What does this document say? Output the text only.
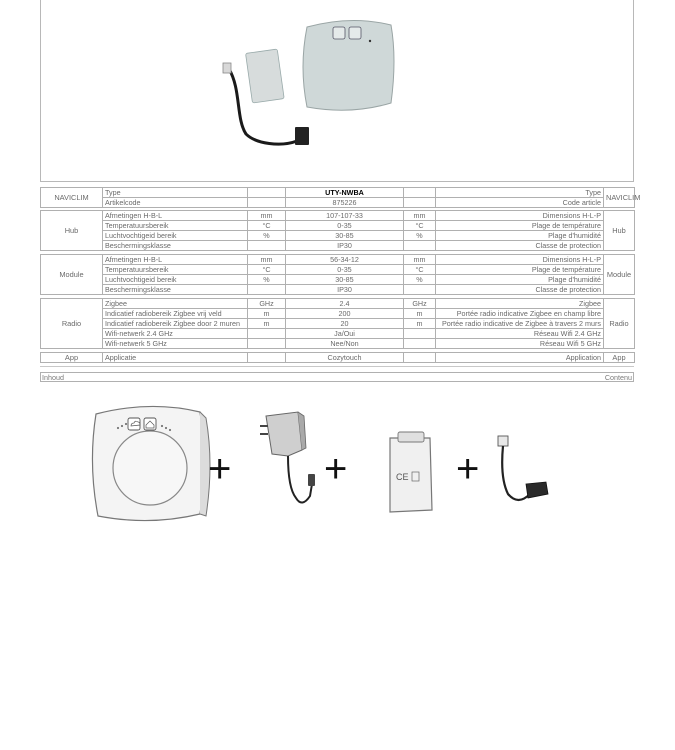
NAVICLIM	Type		UTY-NWBA		Type	NAVICLIM
	Artikelcode		875226		Code article	
Hub	Afmetingen H-B-L	mm	107-107-33	mm	Dimensions H-L-P	Hub
	Temperatuursbereik	°C	0-35	°C	Plage de température	
	Luchtvochtigeid bereik	%	30-85	%	Plage d'humidité	
	Beschermingsklasse		IP30		Classe de protection	
Module	Afmetingen H-B-L	mm	56-34-12	mm	Dimensions H-L-P	Module
	Temperatuursbereik	°C	0-35	°C	Plage de température	
	Luchtvochtigeid bereik	%	30-85	%	Plage d'humidité	
	Beschermingsklasse		IP30		Classe de protection	
Radio	Zigbee	GHz	2.4	GHz	Zigbee	Radio
	Indicatief radiobereik Zigbee vrij veld	m	200	m	Portée radio indicative Zigbee en champ libre	
	Indicatief radiobereik Zigbee door 2 muren	m	20	m	Portée radio indicative de Zigbee à travers 2 murs	
	Wifi-netwerk 2.4 GHz		Ja/Oui		Réseau Wifi 2.4 GHz	
	Wifi-netwerk 5 GHz		Nee/Non		Réseau Wifi 5 GHz	
App	Applicatie		Cozytouch		Application	App
Inhoud	Contenu
+ +	CE +
